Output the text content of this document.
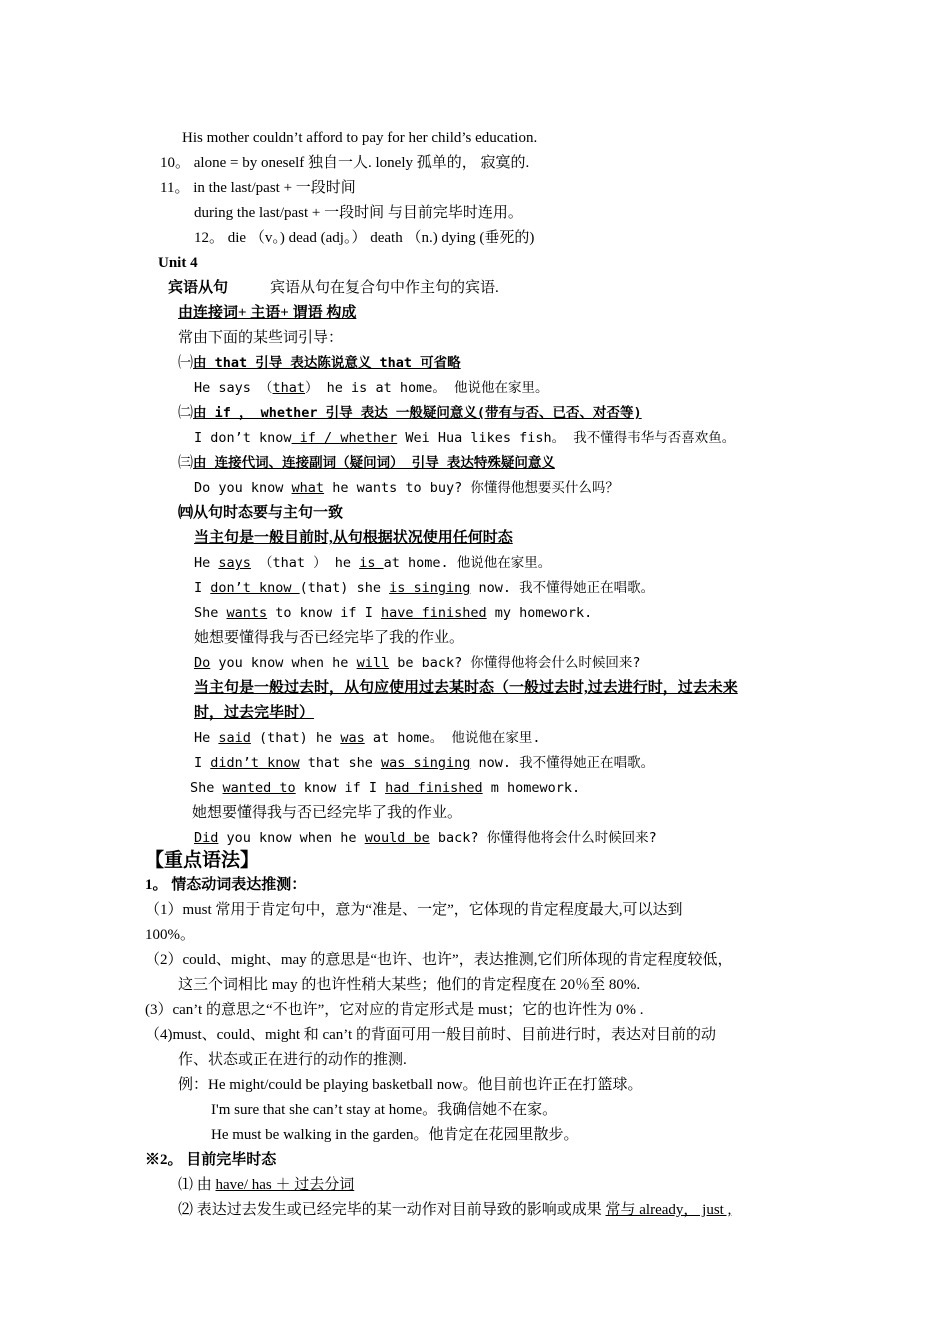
His mother couldn’t afford to pay for her child’s education.
10。 alone = by oneself 独自一人. lonely 孤单的， 寂寞的.
11。 in the last/past + 一段时间
during the last/past + 一段时间 与目前完毕时连用。
12。 die （v。) dead (adj。） death （n.) dying (垂死的)
Unit 4
宾语从句	宾语从句在复合句中作主句的宾语.
由连接词+ 主语+ 谓语 构成
常由下面的某些词引导：
㈠由 that 引导 表达陈说意义 that 可省略
He says （that） he is at home。 他说他在家里。
㈡由 if ， whether 引导 表达 一般疑问意义(带有与否、已否、对否等)
I don’t know if / whether Wei Hua likes fish。 我不懂得韦华与否喜欢鱼。
㈢由 连接代词、连接副词（疑问词） 引导 表达特殊疑问意义
Do you know what he wants to buy? 你懂得他想要买什么吗？
㈣从句时态要与主句一致
当主句是一般目前时,从句根据状况使用任何时态
He says （that ） he is at home. 他说他在家里。
I don’t know (that) she is singing now. 我不懂得她正在唱歌。
She wants to know if I have finished my homework.
她想要懂得我与否已经完毕了我的作业。
Do you know when he will be back? 你懂得他将会什么时候回来?
当主句是一般过去时，从句应使用过去某时态（一般过去时,过去进行时，过去未来
时，过去完毕时）
He said (that) he was at home。 他说他在家里.
I didn’t know that she was singing now. 我不懂得她正在唱歌。
She wanted to know if I had finished m homework.
她想要懂得我与否已经完毕了我的作业。
Did you know when he would be back? 你懂得他将会什么时候回来?
【重点语法】
1。 情态动词表达推测：
（1）must 常用于肯定句中，意为“准是、一定”，它体现的肯定程度最大,可以达到
100%。
（2）could、might、may 的意思是“也许、也许”，表达推测,它们所体现的肯定程度较低，
这三个词相比 may 的也许性稍大某些；他们的肯定程度在 20％至 80%.
(3）can’t 的意思之“不也许”，它对应的肯定形式是 must；它的也许性为 0% .
（4)must、could、might 和 can’t 的背面可用一般目前时、目前进行时，表达对目前的动
作、状态或正在进行的动作的推测.
例：He might/could be playing basketball now。他目前也许正在打篮球。
I'm sure that she can’t stay at home。我确信她不在家。
He must be walking in the garden。他肯定在花园里散步。
※2。 目前完毕时态
⑴ 由 have/ has ＋ 过去分词
⑵ 表达过去发生或已经完毕的某一动作对目前导致的影响或成果 常与 already， just ,
